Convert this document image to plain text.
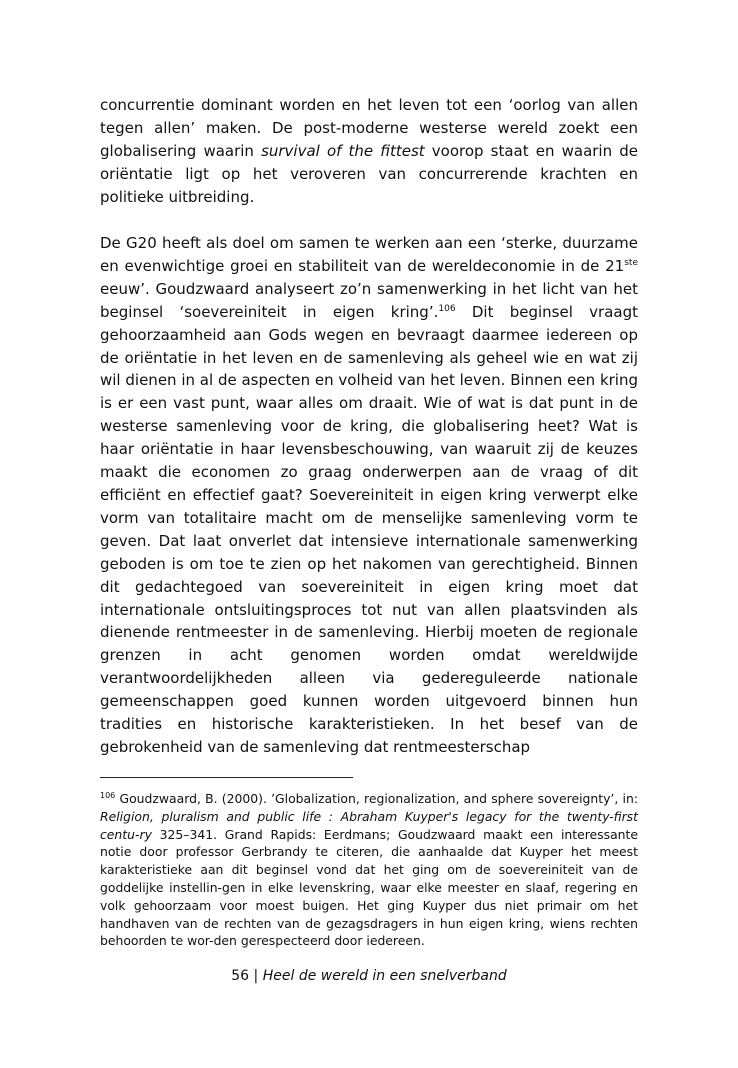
concurrentie dominant worden en het leven tot een ‘oorlog van allen tegen allen’ maken. De post-moderne westerse wereld zoekt een globalisering waarin survival of the fittest voorop staat en waarin de oriëntatie ligt op het veroveren van concurrerende krachten en politieke uitbreiding.

De G20 heeft als doel om samen te werken aan een ‘sterke, duurzame en evenwichtige groei en stabiliteit van de wereldeconomie in de 21ste eeuw’. Goudzwaard analyseert zo’n samenwerking in het licht van het beginsel ‘soevereiniteit in eigen kring’.$^{106}$ Dit beginsel vraagt gehoorzaamheid aan Gods wegen en bevraagt daarmee iedereen op de oriëntatie in het leven en de samenleving als geheel wie en wat zij wil dienen in al de aspecten en volheid van het leven. Binnen een kring is er een vast punt, waar alles om draait. Wie of wat is dat punt in de westerse samenleving voor de kring, die globalisering heet? Wat is haar oriëntatie in haar levensbeschouwing, van waaruit zij de keuzes maakt die economen zo graag onderwerpen aan de vraag of dit efficiënt en effectief gaat? Soevereiniteit in eigen kring verwerpt elke vorm van totalitaire macht om de menselijke samenleving vorm te geven. Dat laat onverlet dat intensieve internationale samenwerking geboden is om toe te zien op het nakomen van gerechtigheid. Binnen dit gedachtegoed van soevereiniteit in eigen kring moet dat internationale ontsluitingsproces tot nut van allen plaatsvinden als dienende rentmeester in de samenleving. Hierbij moeten de regionale grenzen in acht genomen worden omdat wereldwijde verantwoordelijkheden alleen via gedereguleerde nationale gemeenschappen goed kunnen worden uitgevoerd binnen hun tradities en historische karakteristieken. In het besef van de gebrokenheid van de samenleving dat rentmeesterschap

$^{106}$ Goudzwaard, B. (2000). ’Globalization, regionalization, and sphere sovereignty’, in: Religion, pluralism and public life : Abraham Kuyper's legacy for the twenty-first centu-ry 325–341. Grand Rapids: Eerdmans; Goudzwaard maakt een interessante notie door professor Gerbrandy te citeren, die aanhaalde dat Kuyper het meest karakteristieke aan dit beginsel vond dat het ging om de soevereiniteit van de goddelijke instellin-gen in elke levenskring, waar elke meester en slaaf, regering en volk gehoorzaam voor moest buigen. Het ging Kuyper dus niet primair om het handhaven van de rechten van de gezagsdragers in hun eigen kring, wiens rechten behoorden te wor-den gerespecteerd door iedereen.

56 | Heel de wereld in een snelverband
